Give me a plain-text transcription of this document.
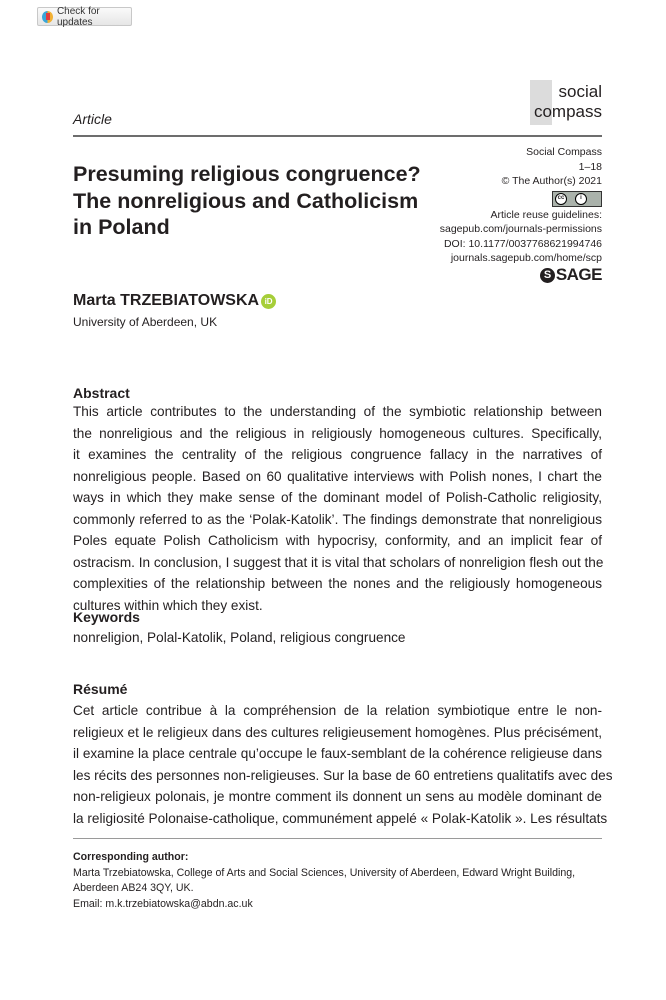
Check for updates
social
compass
Article
Presuming religious congruence? The nonreligious and Catholicism in Poland
Social Compass
1–18
© The Author(s) 2021
cc	i
Article reuse guidelines:
sagepub.com/journals-permissions
DOI: 10.1177/0037768621994746
journals.sagepub.com/home/scp
S SAGE
Marta TRZEBIATOWSKA iD
University of Aberdeen, UK
Abstract
This article contributes to the understanding of the symbiotic relationship between
the nonreligious and the religious in religiously homogeneous cultures. Specifically,
it examines the centrality of the religious congruence fallacy in the narratives of
nonreligious people. Based on 60 qualitative interviews with Polish nones, I chart the
ways in which they make sense of the dominant model of Polish-Catholic religiosity,
commonly referred to as the ‘Polak-Katolik’. The findings demonstrate that nonreligious
Poles equate Polish Catholicism with hypocrisy, conformity, and an implicit fear of
ostracism. In conclusion, I suggest that it is vital that scholars of nonreligion flesh out the
complexities of the relationship between the nones and the religiously homogeneous
cultures within which they exist.
Keywords
nonreligion, Polal-Katolik, Poland, religious congruence
Résumé
Cet article contribue à la compréhension de la relation symbiotique entre le non-
religieux et le religieux dans des cultures religieusement homogènes. Plus précisément,
il examine la place centrale qu’occupe le faux-semblant de la cohérence religieuse dans
les récits des personnes non-religieuses. Sur la base de 60 entretiens qualitatifs avec des
non-religieux polonais, je montre comment ils donnent un sens au modèle dominant de
la religiosité Polonaise-catholique, communément appelé « Polak-Katolik ». Les résultats
Corresponding author:
Marta Trzebiatowska, College of Arts and Social Sciences, University of Aberdeen, Edward Wright Building,
Aberdeen AB24 3QY, UK.
Email: m.k.trzebiatowska@abdn.ac.uk
